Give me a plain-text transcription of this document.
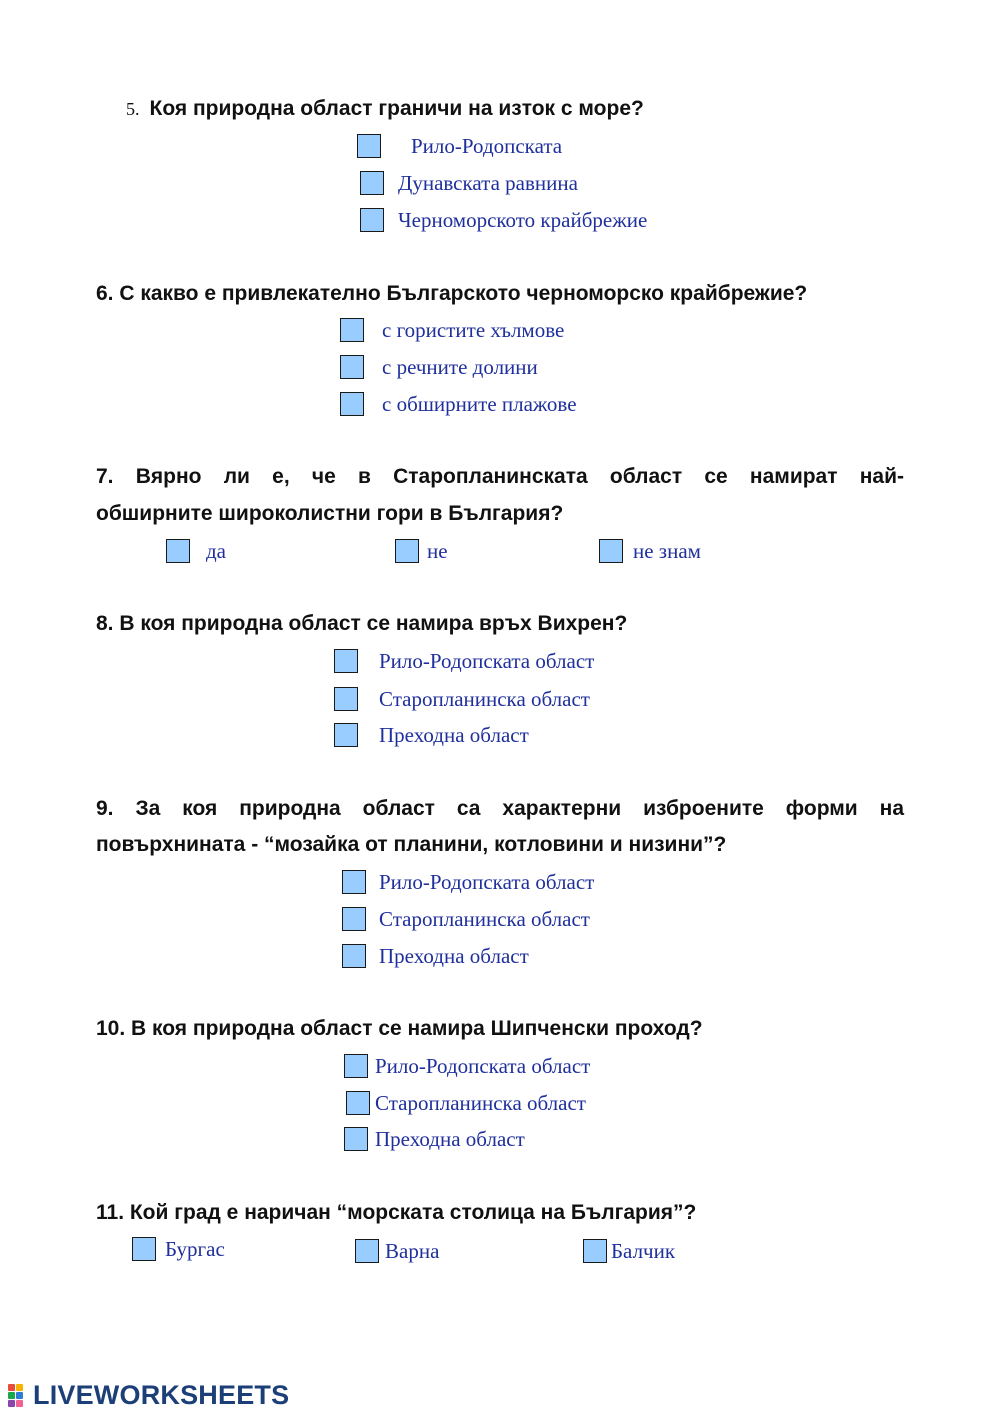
5. Коя природна област граничи на изток с море?
Рило-Родопската
Дунавската равнина
Черноморското крайбрежие
6. С какво е привлекателно Българското черноморско крайбрежие?
с гористите хълмове
с речните долини
с обширните плажове
7. Вярно ли е, че в Старопланинската област се намират най-
обширните широколистни гори в България?
да	не	не знам
8. В коя природна област се намира връх Вихрен?
Рило-Родопската област
Старопланинска област
Преходна област
9. За коя природна област са характерни изброените форми на
повърхнината - “мозайка от планини, котловини и низини”?
Рило-Родопската област
Старопланинска област
Преходна област
10. В коя природна област се намира Шипченски проход?
Рило-Родопската област
Старопланинска област
Преходна област
11. Кой град е наричан “морската столица на България”?
Бургас	Варна	Балчик
LIVEWORKSHEETS
